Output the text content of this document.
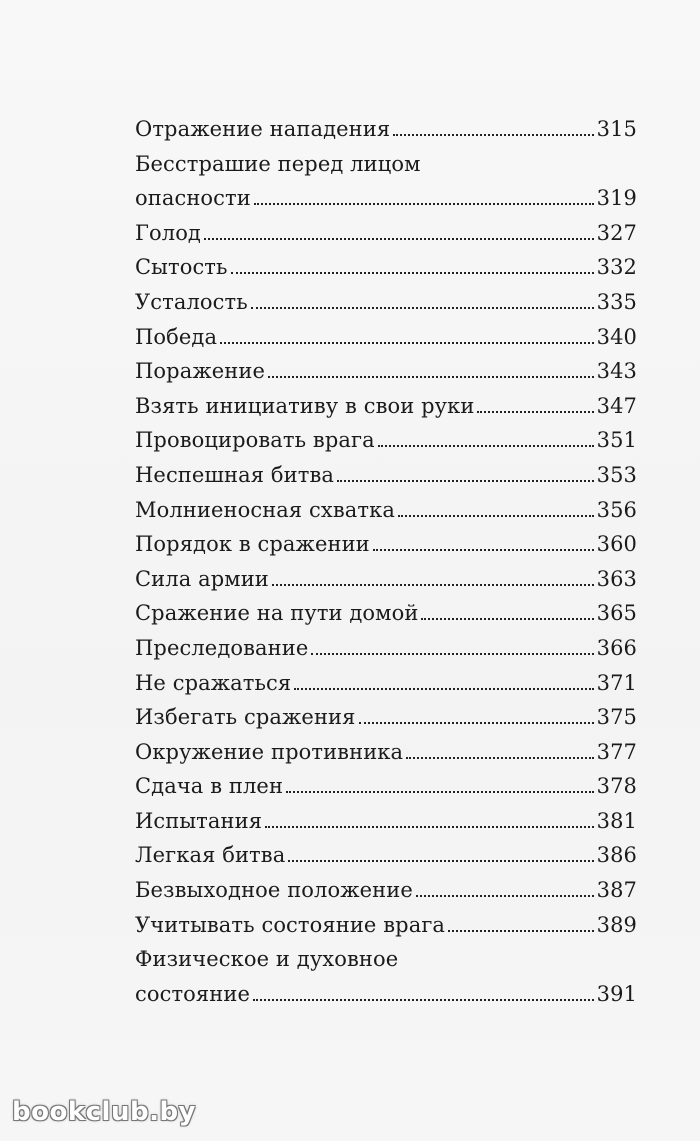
Отражение нападения	315
Бесстрашие перед лицом
опасности	319
Голод	327
Сытость	332
Усталость	335
Победа	340
Поражение	343
Взять инициативу в свои руки	347
Провоцировать врага	351
Неспешная битва	353
Молниеносная схватка	356
Порядок в сражении	360
Сила армии	363
Сражение на пути домой	365
Преследование	366
Не сражаться	371
Избегать сражения	375
Окружение противника	377
Сдача в плен	378
Испытания	381
Легкая битва	386
Безвыходное положение	387
Учитывать состояние врага	389
Физическое и духовное
состояние	391
bookclub.by
